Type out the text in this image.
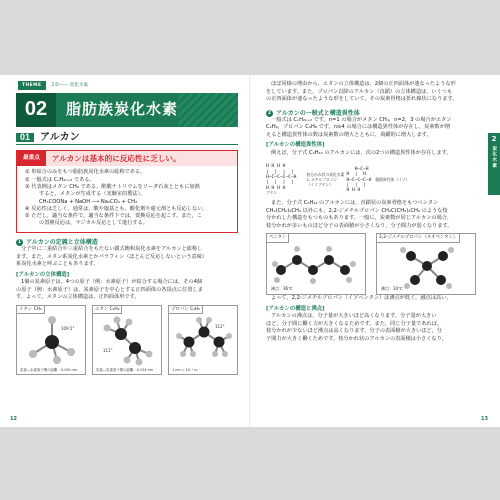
THEME	2章―― 炭化水素
02	脂肪族炭化水素
01	アルカン
最重点	アルカンは基本的に反応性に乏しい。
① 単結合のみをもつ脂肪族炭化水素の総称である。
② 一般式は CₙH₂ₙ₊₂ である。
③ 代表例はメタン CH₄ である。酢酸ナトリウムをソーダ石灰とともに加熱
すると，メタンが生成する（実験室的製法）。
CH₃COONa + NaOH ⟶ Na₂CO₃ + CH₄
④ 反応性は乏しく，通常は，酸や塩基とも，酸化剤や還元剤とも反応しない。
⑤ ただし，適当な条件で，適当な条件下では，置換反応を起こす。また，こ
の置換反応は，ラジカル反応として進行する。
1 アルカンの定義と立体構造

分子中に二重結合や三重結合をもたない鎖式飽和炭化水素をアルカンと総称し
ます。また，メタン系炭化水素とかパラフィン（ほとんど反応しないという意味）
系炭化水素と呼ぶこともあります。

[アルカンの立体構造]

1個の炭素原子は，4つの原子（例：水素原子）が結合する場合には，その4個
の原子（例：水素原子）は，炭素原子を中心とする正四面体の各頂点に位置しま
す。よって，メタンの立体構造は，正四面体形です。

メタン CH₄
109.5°
炭素―水素原子間の距離：0.109 nm
エタン C₂H₆
111°
炭素―炭素原子間の距離：0.154 nm
プロパン C₃H₈
112°
1 nm = 10⁻⁹ m
12

ほぼ同様の理由から，エタンの立体構造は，2個の正四面体が連なったような形
をしています。また，プロパン以降のアルカン（直鎖）の立体構造は，いくつも
の正四面体が連なったような形をしていて，その炭素骨格は折れ線状になります。

2 アルカンの一般式と構造異性体

一般式は CₙH₂ₙ₊₂ です。n=1 の場合がメタン CH₄，n=2，3 の場合がエタン
C₂H₆，プロパン C₃H₈ です。n≥4 の場合には構造異性体が存在し，炭素数が増
えると構造異性体の数は炭素数の増大とともに，飛躍的に増大します。

[アルカンの構造異性体]

例えば，分子式 C₄H₁₀ のアルカンには，次の2つの構造異性体が存在します。

H H H H
|  |  |  |
H–C–C–C–C–H
|  |  |  |
H H H H
ブタン
枝分かれ状の炭化水素
2-メチルプロパン
（イソブタン）
H–C–H
H  |  H
H–C–C–C–H
|  |  |
H H H
側鎖異性体（イソ）

また，分子式 C₅H₁₂ のアルカンには，直鎖状の炭素骨格をもつペンタン
CH₃(CH₂)₃CH₃ 以外にも，2,2-ジメチルプロパン CH₃C(CH₃)₂CH₃ のような枝
分かれした構造をもつものもあります。一般に，炭素数が同じアルカンの場合，
枝分かれが多いものほど分子の表面積が小さくなり，分子間力が弱くなります。

ペンタン
沸点：36℃
2,2-ジメチルプロパン（ネオペンタン）
沸点：10℃

よって，2,2-ジメチルプロパン（イソペンタン）は沸点が低く，融点は高い。

[アルカンの構造と沸点]

アルカンの沸点は，分子量が大きいほど高くなります。分子量が大きい
ほど，分子間に働く力が大きくなるためです。また，同じ分子量であれば，
枝分かれが少ないほど沸点は高くなります。分子の表面積が大きいほど，分
子間力が大きく働くためです。枝分かれ状のアルカンの表面積は小さくなり，

2
炭化水素
13
